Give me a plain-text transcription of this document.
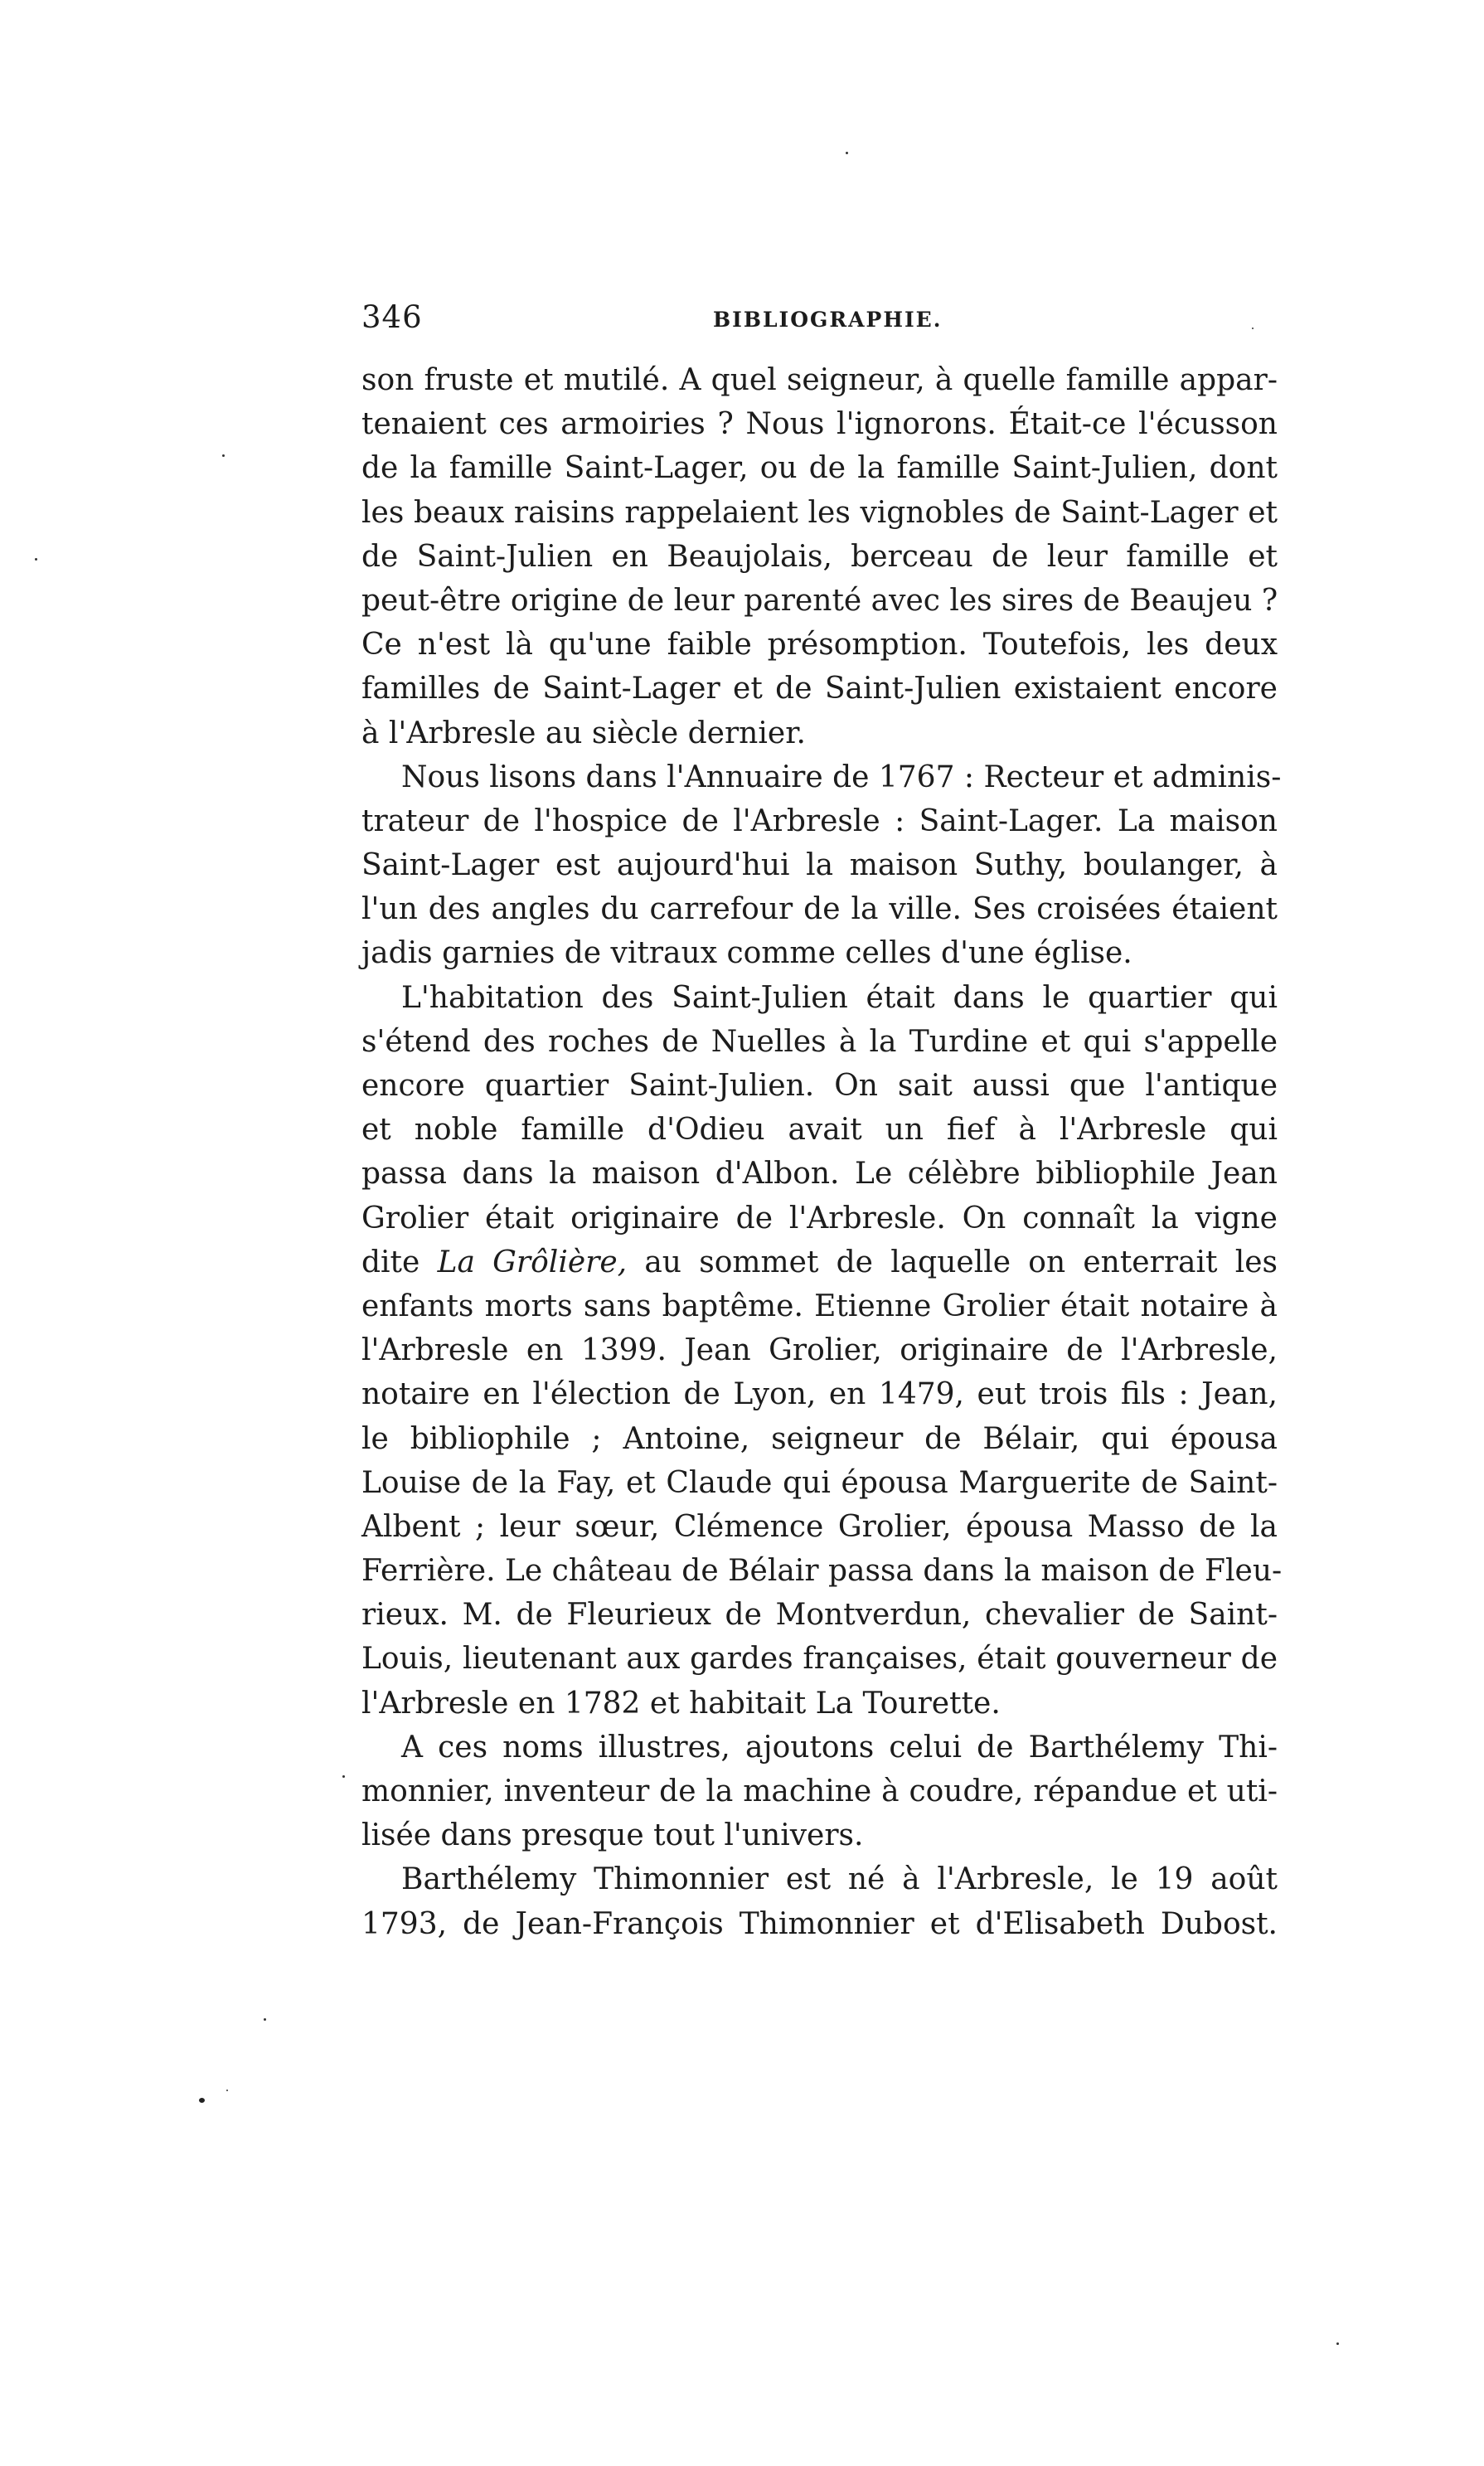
346	BIBLIOGRAPHIE.
son fruste et mutilé. A quel seigneur, à quelle famille appar-
tenaient ces armoiries ? Nous l'ignorons. Était-ce l'écusson
de la famille Saint-Lager, ou de la famille Saint-Julien, dont
les beaux raisins rappelaient les vignobles de Saint-Lager et
de Saint-Julien en Beaujolais, berceau de leur famille et
peut-être origine de leur parenté avec les sires de Beaujeu ?
Ce n'est là qu'une faible présomption. Toutefois, les deux
familles de Saint-Lager et de Saint-Julien existaient encore
à l'Arbresle au siècle dernier.
Nous lisons dans l'Annuaire de 1767 : Recteur et adminis-
trateur de l'hospice de l'Arbresle : Saint-Lager. La maison
Saint-Lager est aujourd'hui la maison Suthy, boulanger, à
l'un des angles du carrefour de la ville. Ses croisées étaient
jadis garnies de vitraux comme celles d'une église.
L'habitation des Saint-Julien était dans le quartier qui
s'étend des roches de Nuelles à la Turdine et qui s'appelle
encore quartier Saint-Julien. On sait aussi que l'antique
et noble famille d'Odieu avait un fief à l'Arbresle qui
passa dans la maison d'Albon. Le célèbre bibliophile Jean
Grolier était originaire de l'Arbresle. On connaît la vigne
dite La Grôlière, au sommet de laquelle on enterrait les
enfants morts sans baptême. Etienne Grolier était notaire à
l'Arbresle en 1399. Jean Grolier, originaire de l'Arbresle,
notaire en l'élection de Lyon, en 1479, eut trois fils : Jean,
le bibliophile ; Antoine, seigneur de Bélair, qui épousa
Louise de la Fay, et Claude qui épousa Marguerite de Saint-
Albent ; leur sœur, Clémence Grolier, épousa Masso de la
Ferrière. Le château de Bélair passa dans la maison de Fleu-
rieux. M. de Fleurieux de Montverdun, chevalier de Saint-
Louis, lieutenant aux gardes françaises, était gouverneur de
l'Arbresle en 1782 et habitait La Tourette.
A ces noms illustres, ajoutons celui de Barthélemy Thi-
monnier, inventeur de la machine à coudre, répandue et uti-
lisée dans presque tout l'univers.
Barthélemy Thimonnier est né à l'Arbresle, le 19 août
1793, de Jean-François Thimonnier et d'Elisabeth Dubost.
